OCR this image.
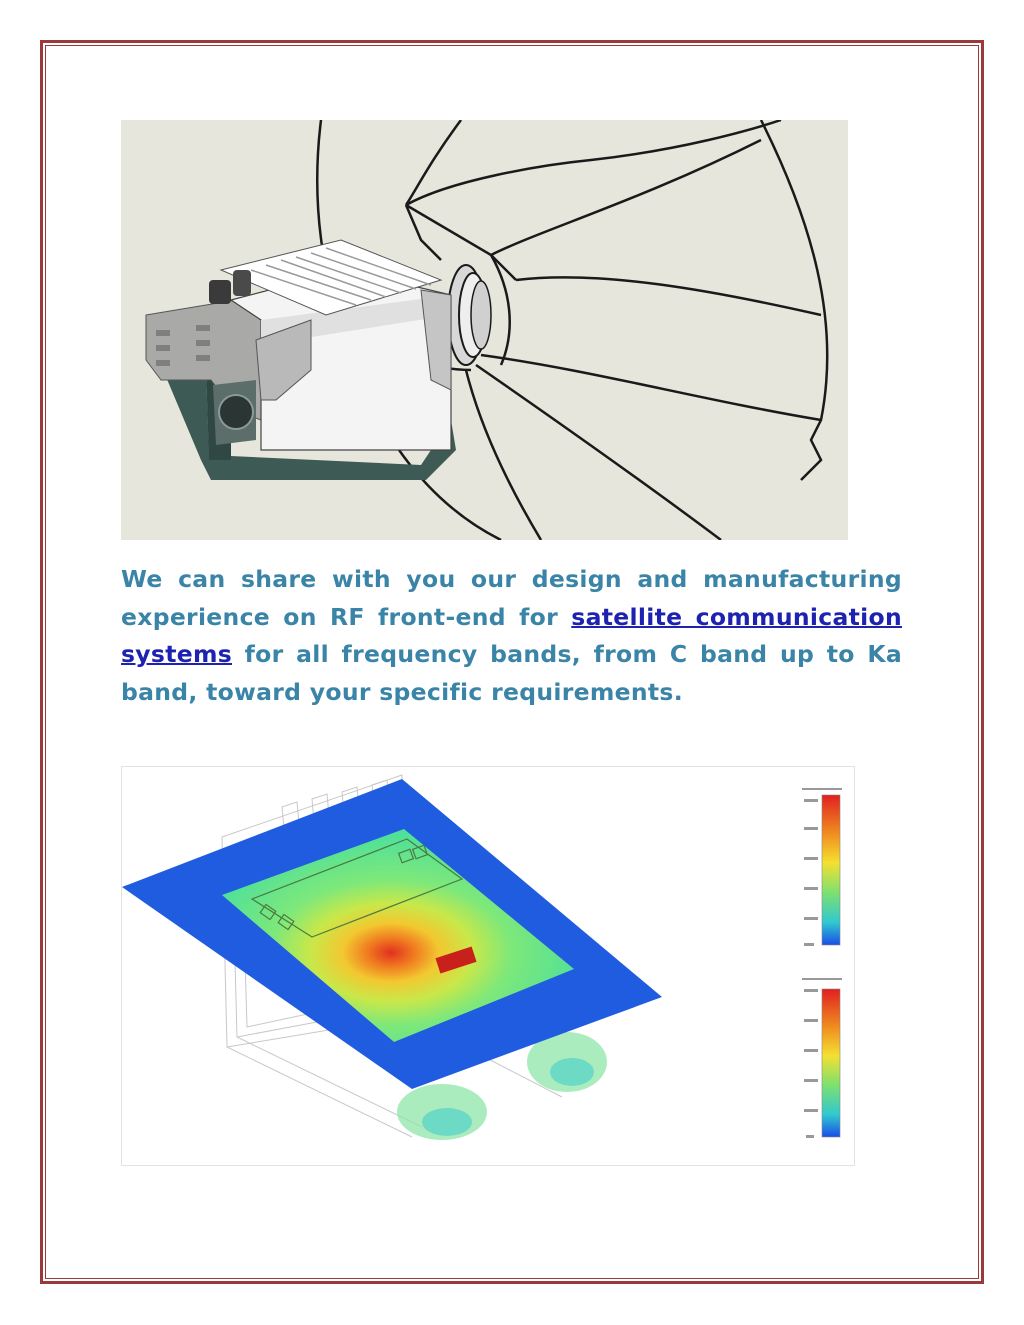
We can share with you our design and manufacturing experience on RF front-end for satellite communication systems for all frequency bands, from C band up to Ka band, toward your specific requirements.
